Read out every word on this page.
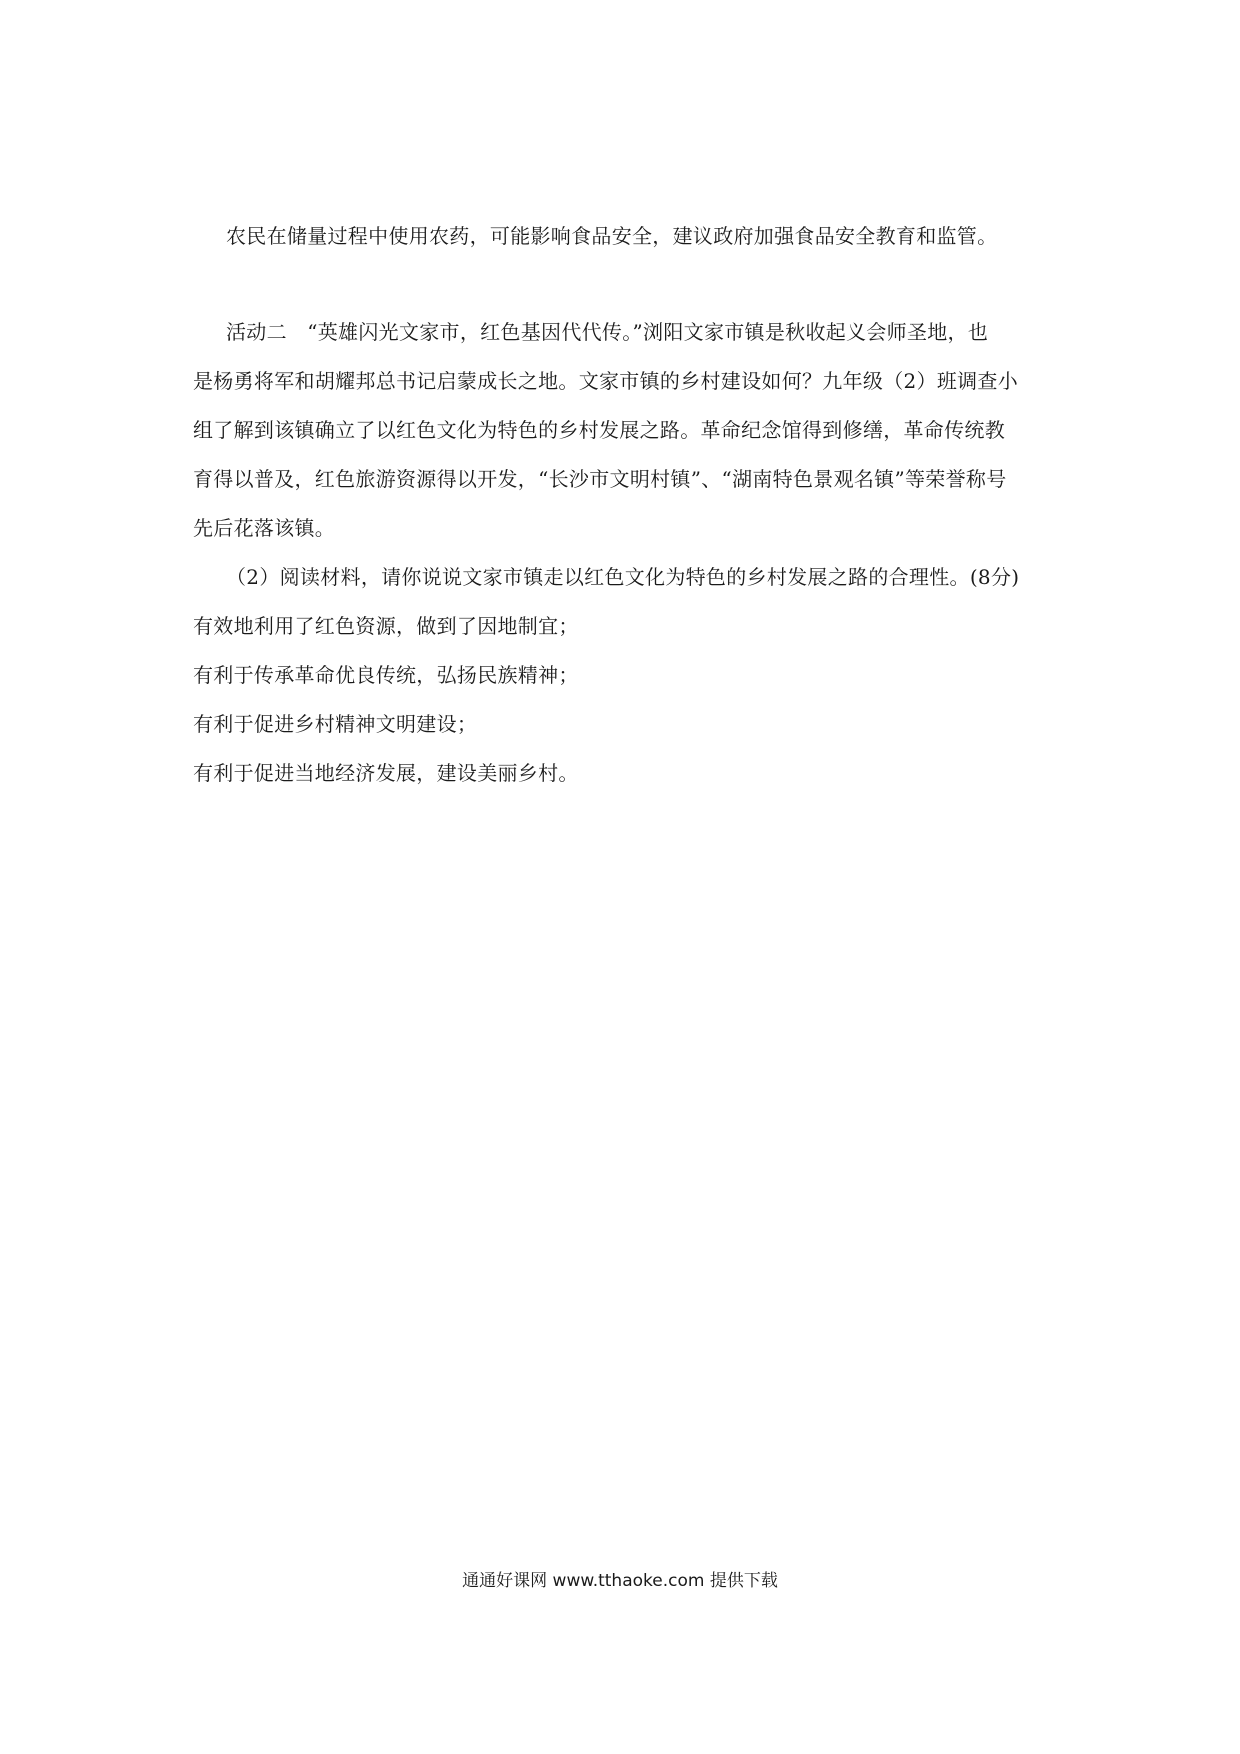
农民在储量过程中使用农药，可能影响食品安全，建议政府加强食品安全教育和监管。
活动二　“英雄闪光文家市，红色基因代代传。”浏阳文家市镇是秋收起义会师圣地，也
是杨勇将军和胡耀邦总书记启蒙成长之地。文家市镇的乡村建设如何？九年级（2）班调查小
组了解到该镇确立了以红色文化为特色的乡村发展之路。革命纪念馆得到修缮，革命传统教
育得以普及，红色旅游资源得以开发，“长沙市文明村镇”、“湖南特色景观名镇”等荣誉称号
先后花落该镇。
（2）阅读材料，请你说说文家市镇走以红色文化为特色的乡村发展之路的合理性。(8分)
有效地利用了红色资源，做到了因地制宜；
有利于传承革命优良传统，弘扬民族精神；
有利于促进乡村精神文明建设；
有利于促进当地经济发展，建设美丽乡村。
通通好课网 www.tthaoke.com 提供下载
